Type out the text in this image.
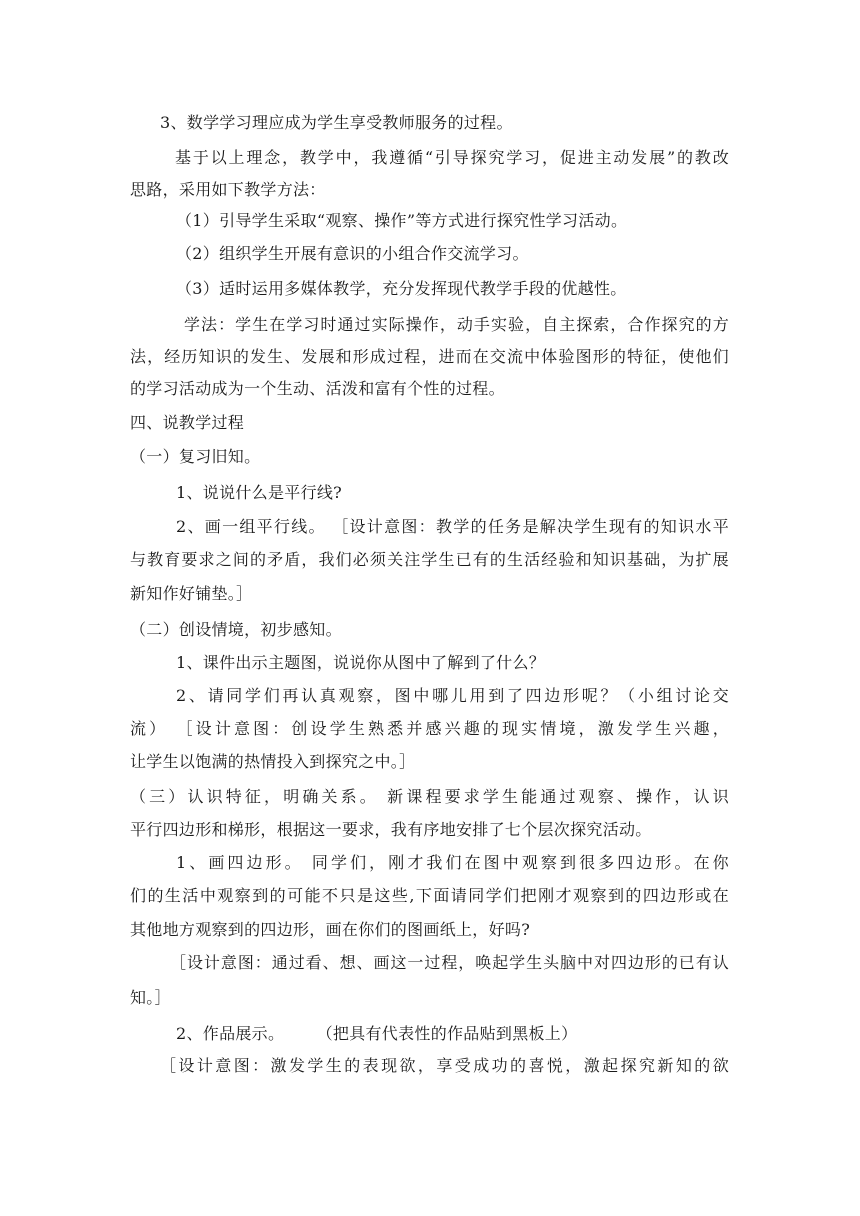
3、数学学习理应成为学生享受教师服务的过程。
基于以上理念，教学中，我遵循“引导探究学习，促进主动发展”的教改
思路，采用如下教学方法：
（1）引导学生采取“观察、操作”等方式进行探究性学习活动。
（2）组织学生开展有意识的小组合作交流学习。
（3）适时运用多媒体教学，充分发挥现代教学手段的优越性。
学法：学生在学习时通过实际操作，动手实验，自主探索，合作探究的方
法，经历知识的发生、发展和形成过程，进而在交流中体验图形的特征，使他们
的学习活动成为一个生动、活泼和富有个性的过程。
四、说教学过程
（一）复习旧知。
1、说说什么是平行线?
2、画一组平行线。 ［设计意图：教学的任务是解决学生现有的知识水平
与教育要求之间的矛盾，我们必须关注学生已有的生活经验和知识基础，为扩展
新知作好铺垫。］
（二）创设情境，初步感知。
1、课件出示主题图，说说你从图中了解到了什么？
2、请同学们再认真观察，图中哪儿用到了四边形呢？（小组讨论交
流） ［设计意图：创设学生熟悉并感兴趣的现实情境，激发学生兴趣，
让学生以饱满的热情投入到探究之中。］
（三）认识特征，明确关系。 新课程要求学生能通过观察、操作，认识
平行四边形和梯形，根据这一要求，我有序地安排了七个层次探究活动。
1、画四边形。 同学们，刚才我们在图中观察到很多四边形。在你
们的生活中观察到的可能不只是这些,下面请同学们把刚才观察到的四边形或在
其他地方观察到的四边形，画在你们的图画纸上，好吗?
［设计意图：通过看、想、画这一过程，唤起学生头脑中对四边形的已有认
知。］
2、作品展示。      （把具有代表性的作品贴到黑板上）
［设计意图：激发学生的表现欲，享受成功的喜悦，激起探究新知的欲
